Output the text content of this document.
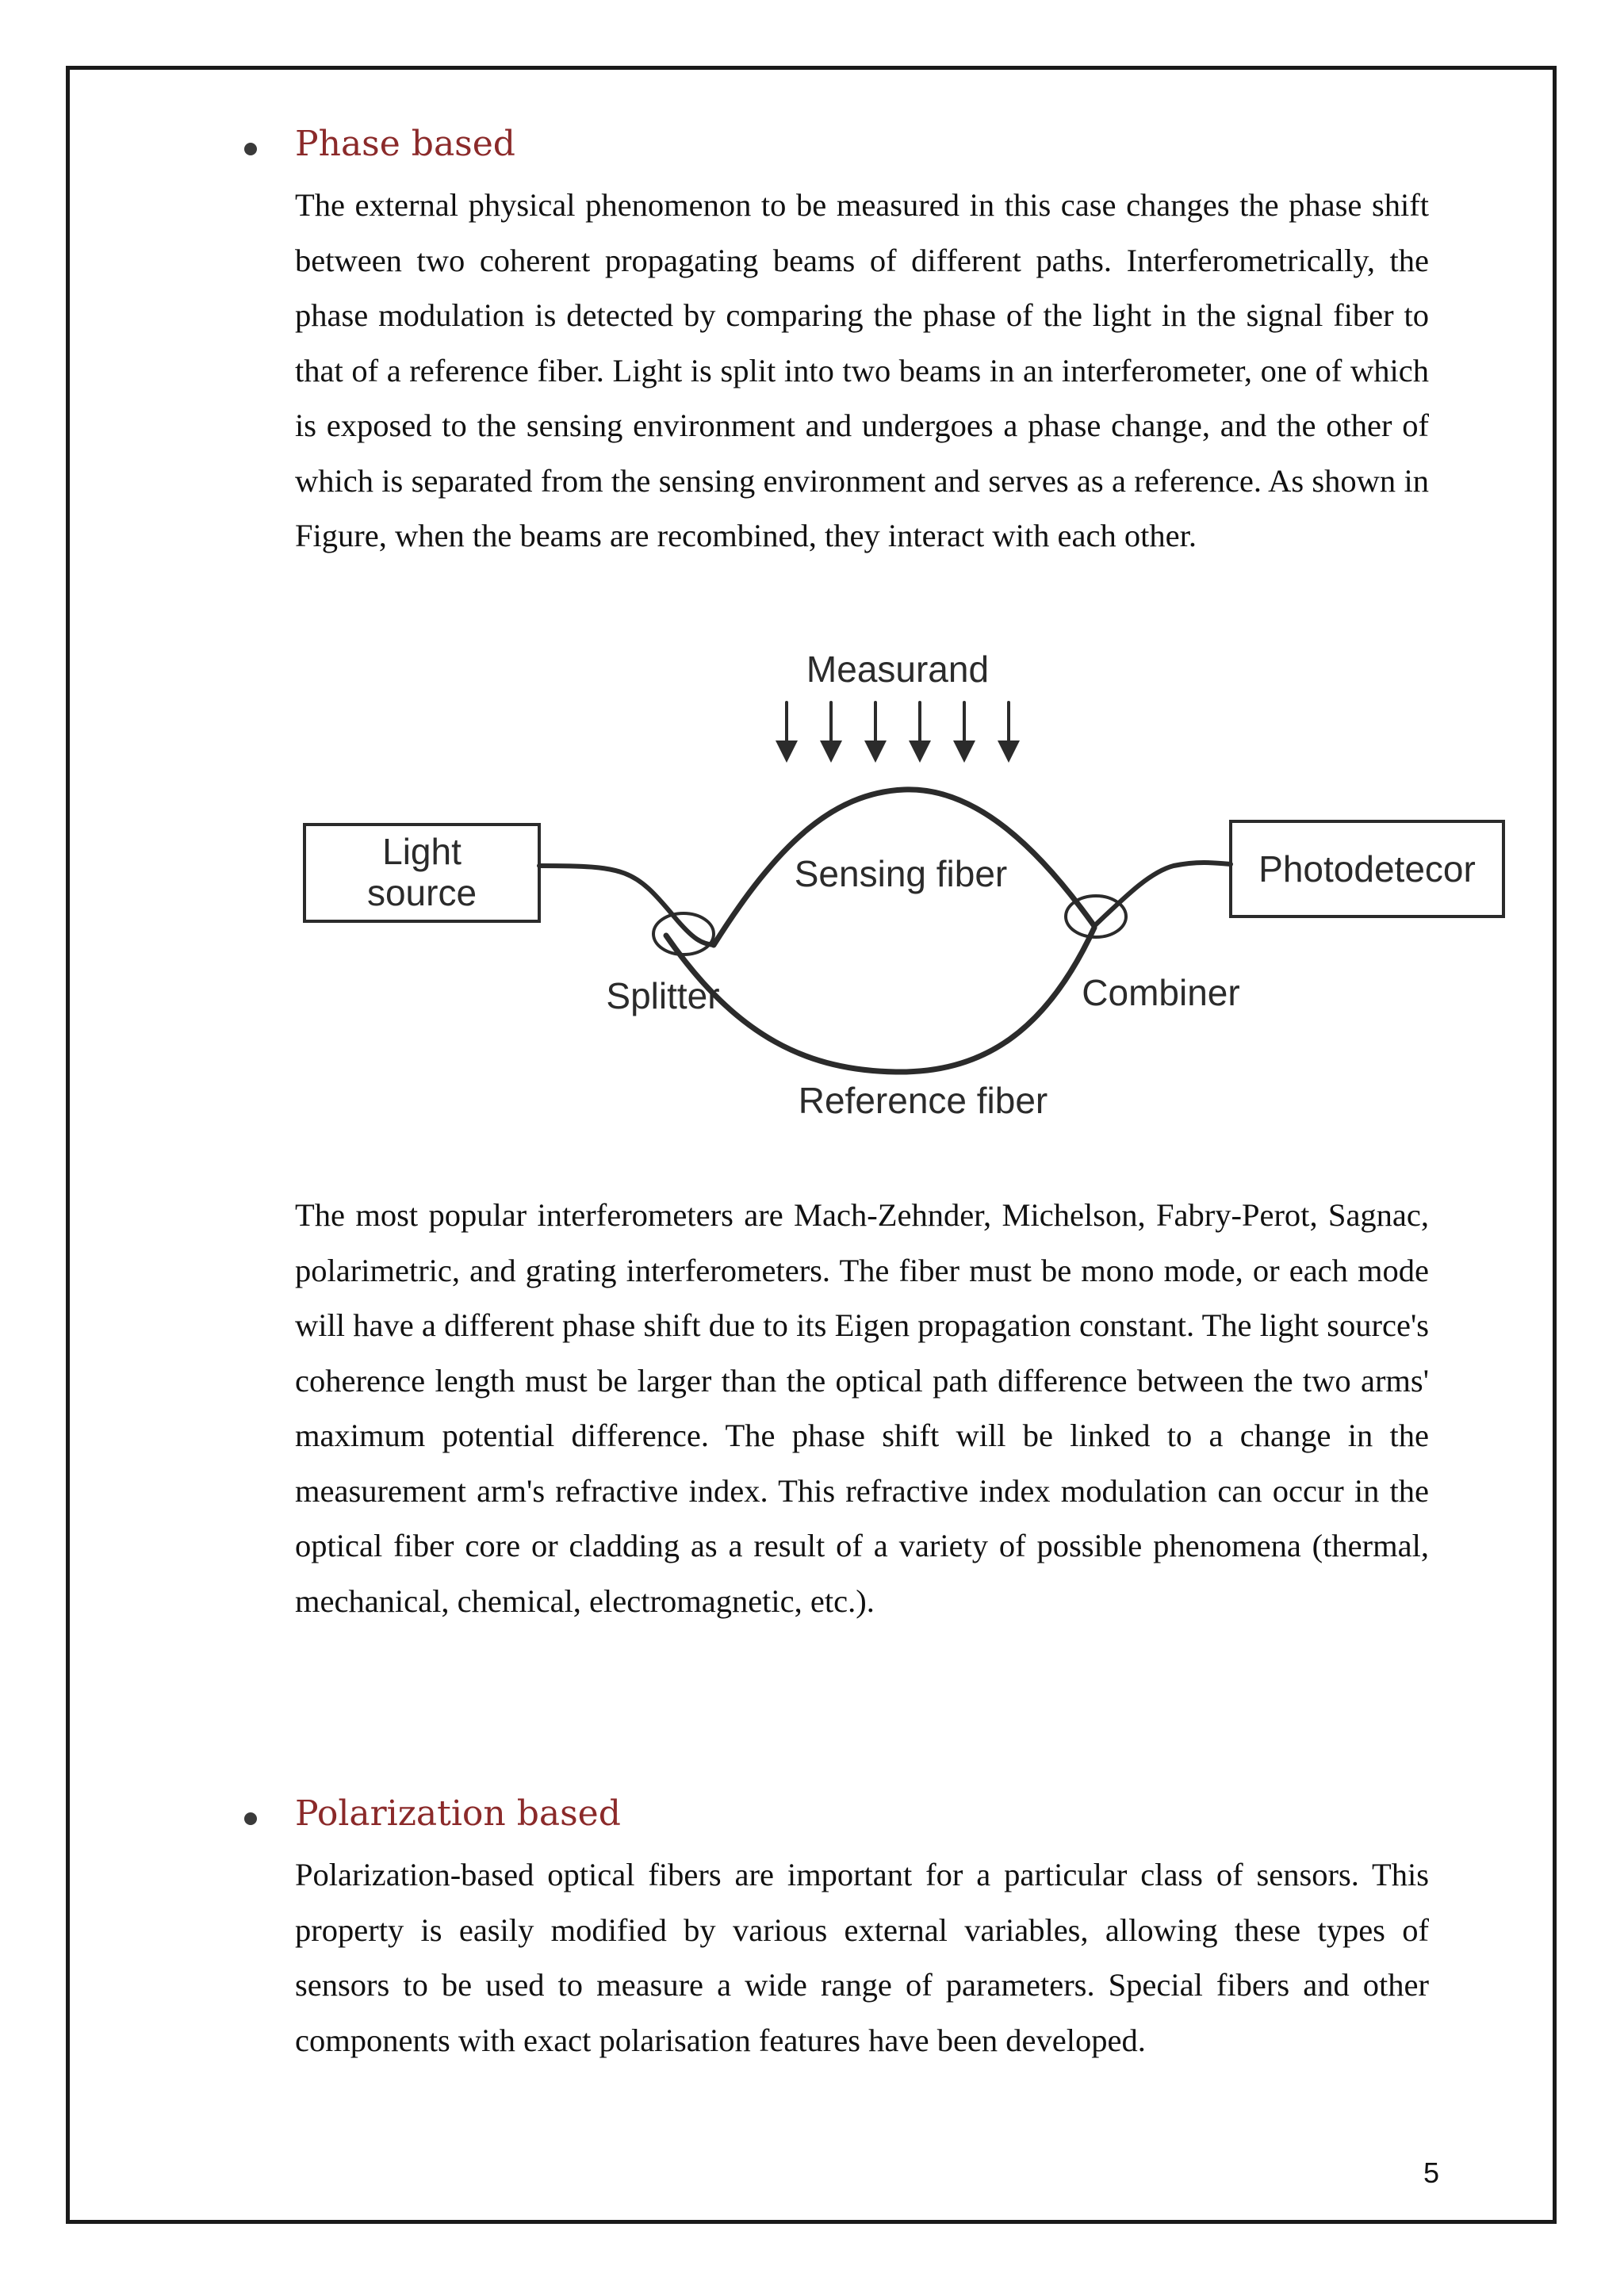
Phase based

The external physical phenomenon to be measured in this case changes the phase shift between two coherent propagating beams of different paths. Interferometrically, the phase modulation is detected by comparing the phase of the light in the signal fiber to that of a reference fiber. Light is split into two beams in an interferometer, one of which is exposed to the sensing environment and undergoes a phase change, and the other of which is separated from the sensing environment and serves as a reference. As shown in Figure, when the beams are recombined, they interact with each other.

Measurand
Light
source	Sensing fiber	Photodetecor
Splitter	Combiner
Reference fiber

The most popular interferometers are Mach-Zehnder, Michelson, Fabry-Perot, Sagnac, polarimetric, and grating interferometers. The fiber must be mono mode, or each mode will have a different phase shift due to its Eigen propagation constant. The light source's coherence length must be larger than the optical path difference between the two arms' maximum potential difference. The phase shift will be linked to a change in the measurement arm's refractive index. This refractive index modulation can occur in the optical fiber core or cladding as a result of a variety of possible phenomena (thermal, mechanical, chemical, electromagnetic, etc.).

Polarization based

Polarization-based optical fibers are important for a particular class of sensors. This property is easily modified by various external variables, allowing these types of sensors to be used to measure a wide range of parameters. Special fibers and other components with exact polarisation features have been developed.

5
